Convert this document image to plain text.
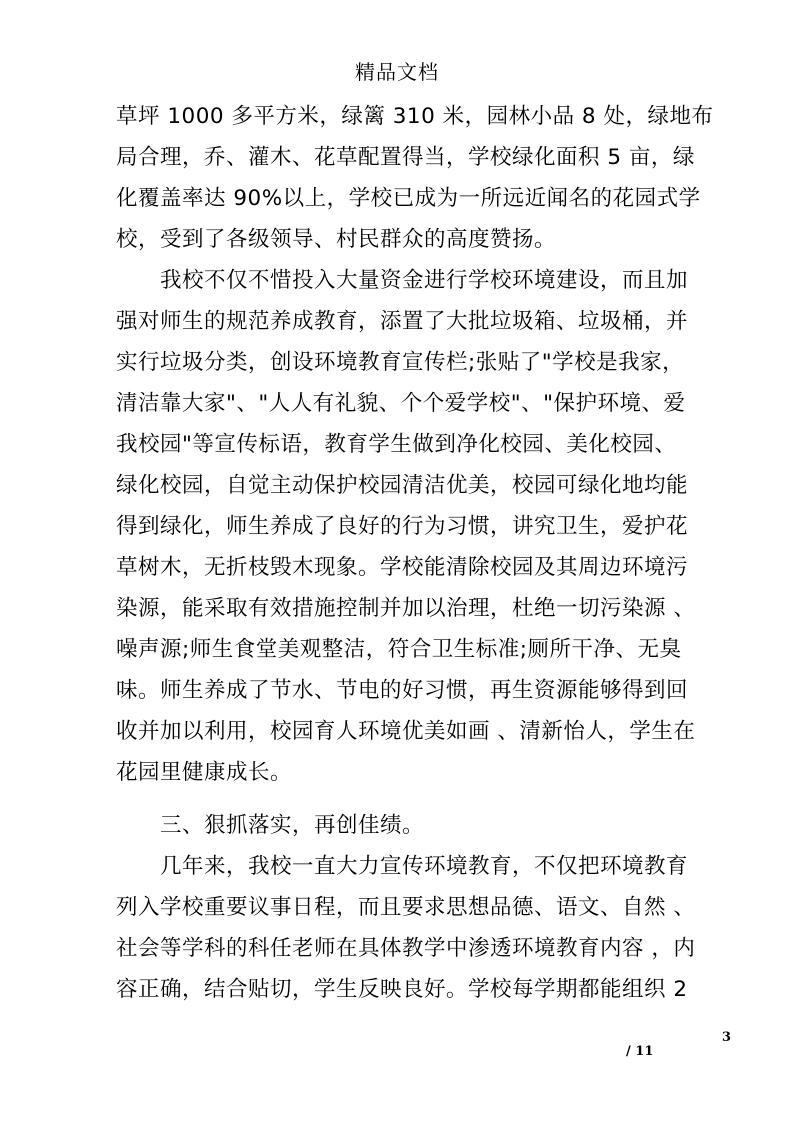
精品文档
草坪 1000 多平方米，绿篱 310 米，园林小品 8 处，绿地布
局合理，乔、灌木、花草配置得当，学校绿化面积 5 亩，绿
化覆盖率达 90%以上，学校已成为一所远近闻名的花园式学
校，受到了各级领导、村民群众的高度赞扬。
　　我校不仅不惜投入大量资金进行学校环境建设，而且加
强对师生的规范养成教育，添置了大批垃圾箱、垃圾桶，并
实行垃圾分类，创设环境教育宣传栏;张贴了"学校是我家，
清洁靠大家"、"人人有礼貌、个个爱学校"、"保护环境、爱
我校园"等宣传标语，教育学生做到净化校园、美化校园、
绿化校园，自觉主动保护校园清洁优美，校园可绿化地均能
得到绿化，师生养成了良好的行为习惯，讲究卫生，爱护花
草树木，无折枝毁木现象。学校能清除校园及其周边环境污
染源，能采取有效措施控制并加以治理，杜绝一切污染源 、
噪声源;师生食堂美观整洁，符合卫生标准;厕所干净、无臭
味。师生养成了节水、节电的好习惯，再生资源能够得到回
收并加以利用，校园育人环境优美如画 、清新怡人，学生在
花园里健康成长。
　　三、狠抓落实，再创佳绩。
　　几年来，我校一直大力宣传环境教育，不仅把环境教育
列入学校重要议事日程，而且要求思想品德、语文、自然 、
社会等学科的科任老师在具体教学中渗透环境教育内容 ，内
容正确，结合贴切，学生反映良好。学校每学期都能组织 2
3
/ 11
